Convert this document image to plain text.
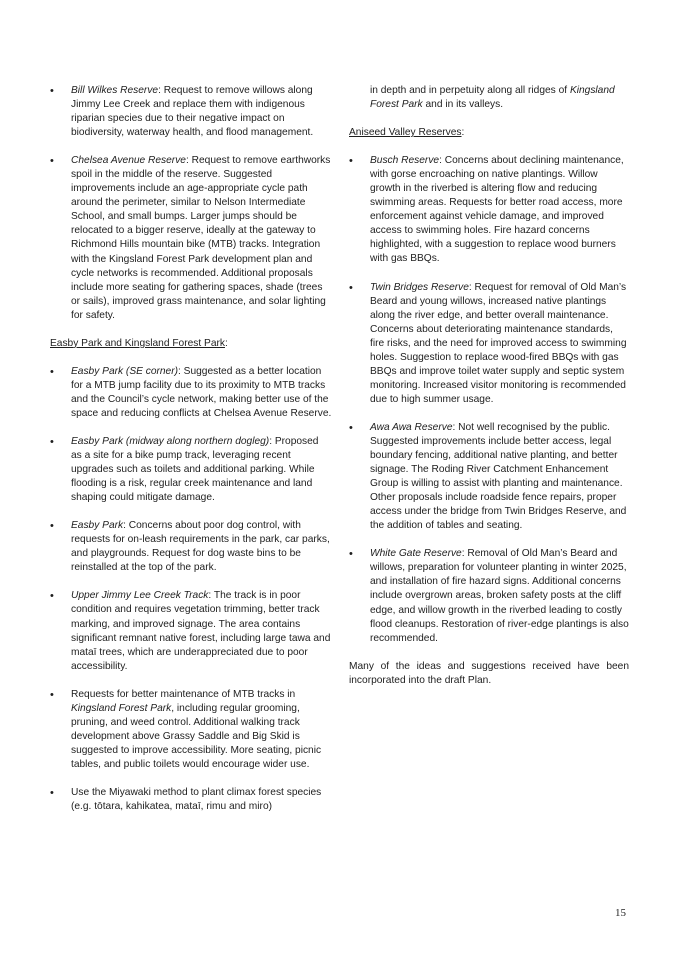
• Bill Wilkes Reserve: Request to remove willows along Jimmy Lee Creek and replace them with indigenous riparian species due to their negative impact on biodiversity, waterway health, and flood management.

• Chelsea Avenue Reserve: Request to remove earthworks spoil in the middle of the reserve. Suggested improvements include an age-appropriate cycle path around the perimeter, similar to Nelson Intermediate School, and small bumps. Larger jumps should be relocated to a bigger reserve, ideally at the gateway to Richmond Hills mountain bike (MTB) tracks. Integration with the Kingsland Forest Park development plan and cycle networks is recommended. Additional proposals include more seating for gathering spaces, shade (trees or sails), improved grass maintenance, and solar lighting for safety.

Easby Park and Kingsland Forest Park:

• Easby Park (SE corner): Suggested as a better location for a MTB jump facility due to its proximity to MTB tracks and the Council’s cycle network, making better use of the space and reducing conflicts at Chelsea Avenue Reserve.

• Easby Park (midway along northern dogleg): Proposed as a site for a bike pump track, leveraging recent upgrades such as toilets and additional parking. While flooding is a risk, regular creek maintenance and land shaping could mitigate damage.

• Easby Park: Concerns about poor dog control, with requests for on-leash requirements in the park, car parks, and playgrounds. Request for dog waste bins to be reinstalled at the top of the park.

• Upper Jimmy Lee Creek Track: The track is in poor condition and requires vegetation trimming, better track marking, and improved signage. The area contains significant remnant native forest, including large tawa and mataī trees, which are underappreciated due to poor accessibility.

• Requests for better maintenance of MTB tracks in Kingsland Forest Park, including regular grooming, pruning, and weed control. Additional walking track development above Grassy Saddle and Big Skid is suggested to improve accessibility. More seating, picnic tables, and public toilets would encourage wider use.

• Use the Miyawaki method to plant climax forest species (e.g. tōtara, kahikatea, mataī, rimu and miro)

in depth and in perpetuity along all ridges of Kingsland Forest Park and in its valleys.

Aniseed Valley Reserves:

• Busch Reserve: Concerns about declining maintenance, with gorse encroaching on native plantings. Willow growth in the riverbed is altering flow and reducing swimming areas. Requests for better road access, more enforcement against vehicle damage, and improved access to swimming holes. Fire hazard concerns highlighted, with a suggestion to replace wood burners with gas BBQs.

• Twin Bridges Reserve: Request for removal of Old Man’s Beard and young willows, increased native plantings along the river edge, and better overall maintenance. Concerns about deteriorating maintenance standards, fire risks, and the need for improved access to swimming holes. Suggestion to replace wood-fired BBQs with gas BBQs and improve toilet water supply and septic system monitoring. Increased visitor monitoring is recommended due to high summer usage.

• Awa Awa Reserve: Not well recognised by the public. Suggested improvements include better access, legal boundary fencing, additional native planting, and better signage. The Roding River Catchment Enhancement Group is willing to assist with planting and maintenance. Other proposals include roadside fence repairs, proper access under the bridge from Twin Bridges Reserve, and the addition of tables and seating.

• White Gate Reserve: Removal of Old Man’s Beard and willows, preparation for volunteer planting in winter 2025, and installation of fire hazard signs. Additional concerns include overgrown areas, broken safety posts at the cliff edge, and willow growth in the riverbed leading to costly flood cleanups. Restoration of river-edge plantings is also recommended.

Many of the ideas and suggestions received have been incorporated into the draft Plan.

15
